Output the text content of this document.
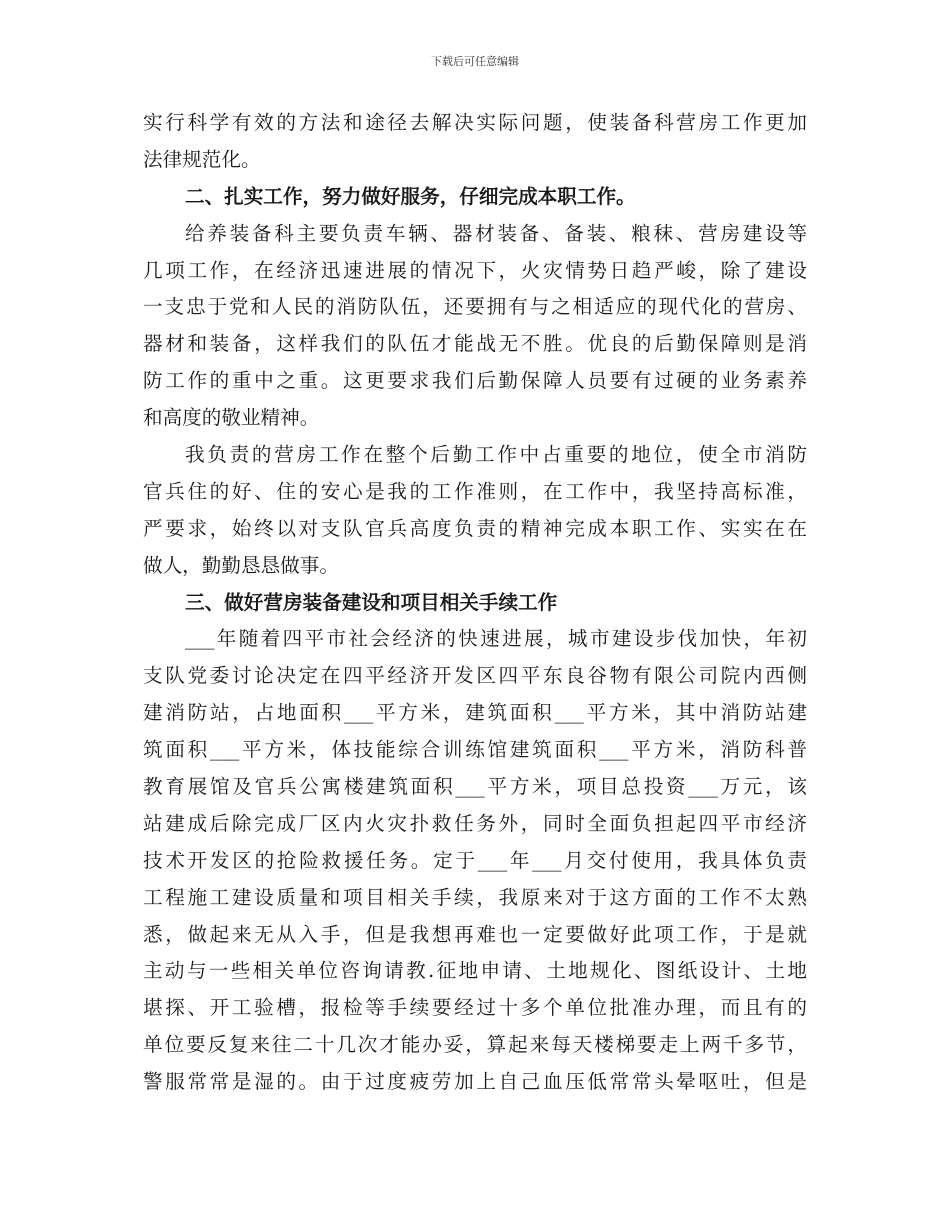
下载后可任意编辑
实行科学有效的方法和途径去解决实际问题，使装备科营房工作更加
法律规范化。
二、扎实工作，努力做好服务，仔细完成本职工作。
给养装备科主要负责车辆、器材装备、备装、粮秣、营房建设等
几项工作，在经济迅速进展的情况下，火灾情势日趋严峻，除了建设
一支忠于党和人民的消防队伍，还要拥有与之相适应的现代化的营房、
器材和装备，这样我们的队伍才能战无不胜。优良的后勤保障则是消
防工作的重中之重。这更要求我们后勤保障人员要有过硬的业务素养
和高度的敬业精神。
我负责的营房工作在整个后勤工作中占重要的地位，使全市消防
官兵住的好、住的安心是我的工作准则，在工作中，我坚持高标准，
严要求，始终以对支队官兵高度负责的精神完成本职工作、实实在在
做人，勤勤恳恳做事。
三、做好营房装备建设和项目相关手续工作
___年随着四平市社会经济的快速进展，城市建设步伐加快，年初
支队党委讨论决定在四平经济开发区四平东良谷物有限公司院内西侧
建消防站，占地面积___平方米，建筑面积___平方米，其中消防站建
筑面积___平方米，体技能综合训练馆建筑面积___平方米，消防科普
教育展馆及官兵公寓楼建筑面积___平方米，项目总投资___万元，该
站建成后除完成厂区内火灾扑救任务外，同时全面负担起四平市经济
技术开发区的抢险救援任务。定于___年___月交付使用，我具体负责
工程施工建设质量和项目相关手续，我原来对于这方面的工作不太熟
悉，做起来无从入手，但是我想再难也一定要做好此项工作，于是就
主动与一些相关单位咨询请教.征地申请、土地规化、图纸设计、土地
堪探、开工验槽，报检等手续要经过十多个单位批准办理，而且有的
单位要反复来往二十几次才能办妥，算起来每天楼梯要走上两千多节，
警服常常是湿的。由于过度疲劳加上自己血压低常常头晕呕吐，但是
